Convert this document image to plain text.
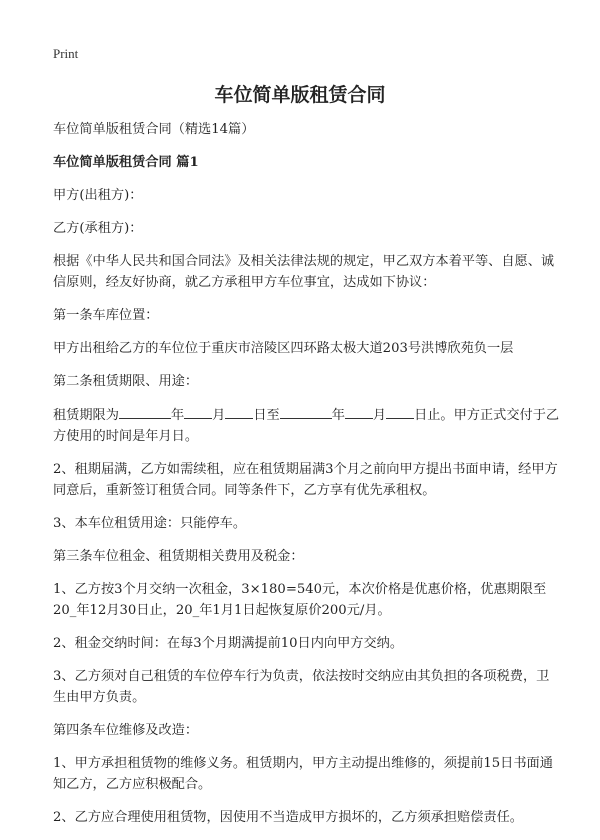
Print
车位简单版租赁合同

车位简单版租赁合同（精选14篇）

车位简单版租赁合同 篇1

甲方(出租方)：

乙方(承租方)：

根据《中华人民共和国合同法》及相关法律法规的规定，甲乙双方本着平等、自愿、诚信原则，经友好协商，就乙方承租甲方车位事宜，达成如下协议：

第一条车库位置：

甲方出租给乙方的车位位于重庆市涪陵区四环路太极大道203号洪博欣苑负一层

第二条租赁期限、用途：

租赁期限为	年 月 日至	年 月 日止。甲方正式交付于乙方使用的时间是年月日。

2、租期届满，乙方如需续租，应在租赁期届满3个月之前向甲方提出书面申请，经甲方同意后，重新签订租赁合同。同等条件下，乙方享有优先承租权。

3、本车位租赁用途：只能停车。

第三条车位租金、租赁期相关费用及税金：

1、乙方按3个月交纳一次租金，3×180=540元，本次价格是优惠价格，优惠期限至20_年12月30日止，20_年1月1日起恢复原价200元/月。

2、租金交纳时间：在每3个月期满提前10日内向甲方交纳。

3、乙方须对自己租赁的车位停车行为负责，依法按时交纳应由其负担的各项税费，卫生由甲方负责。

第四条车位维修及改造：

1、甲方承担租赁物的维修义务。租赁期内，甲方主动提出维修的，须提前15日书面通知乙方，乙方应积极配合。

2、乙方应合理使用租赁物，因使用不当造成甲方损坏的，乙方须承担赔偿责任。
